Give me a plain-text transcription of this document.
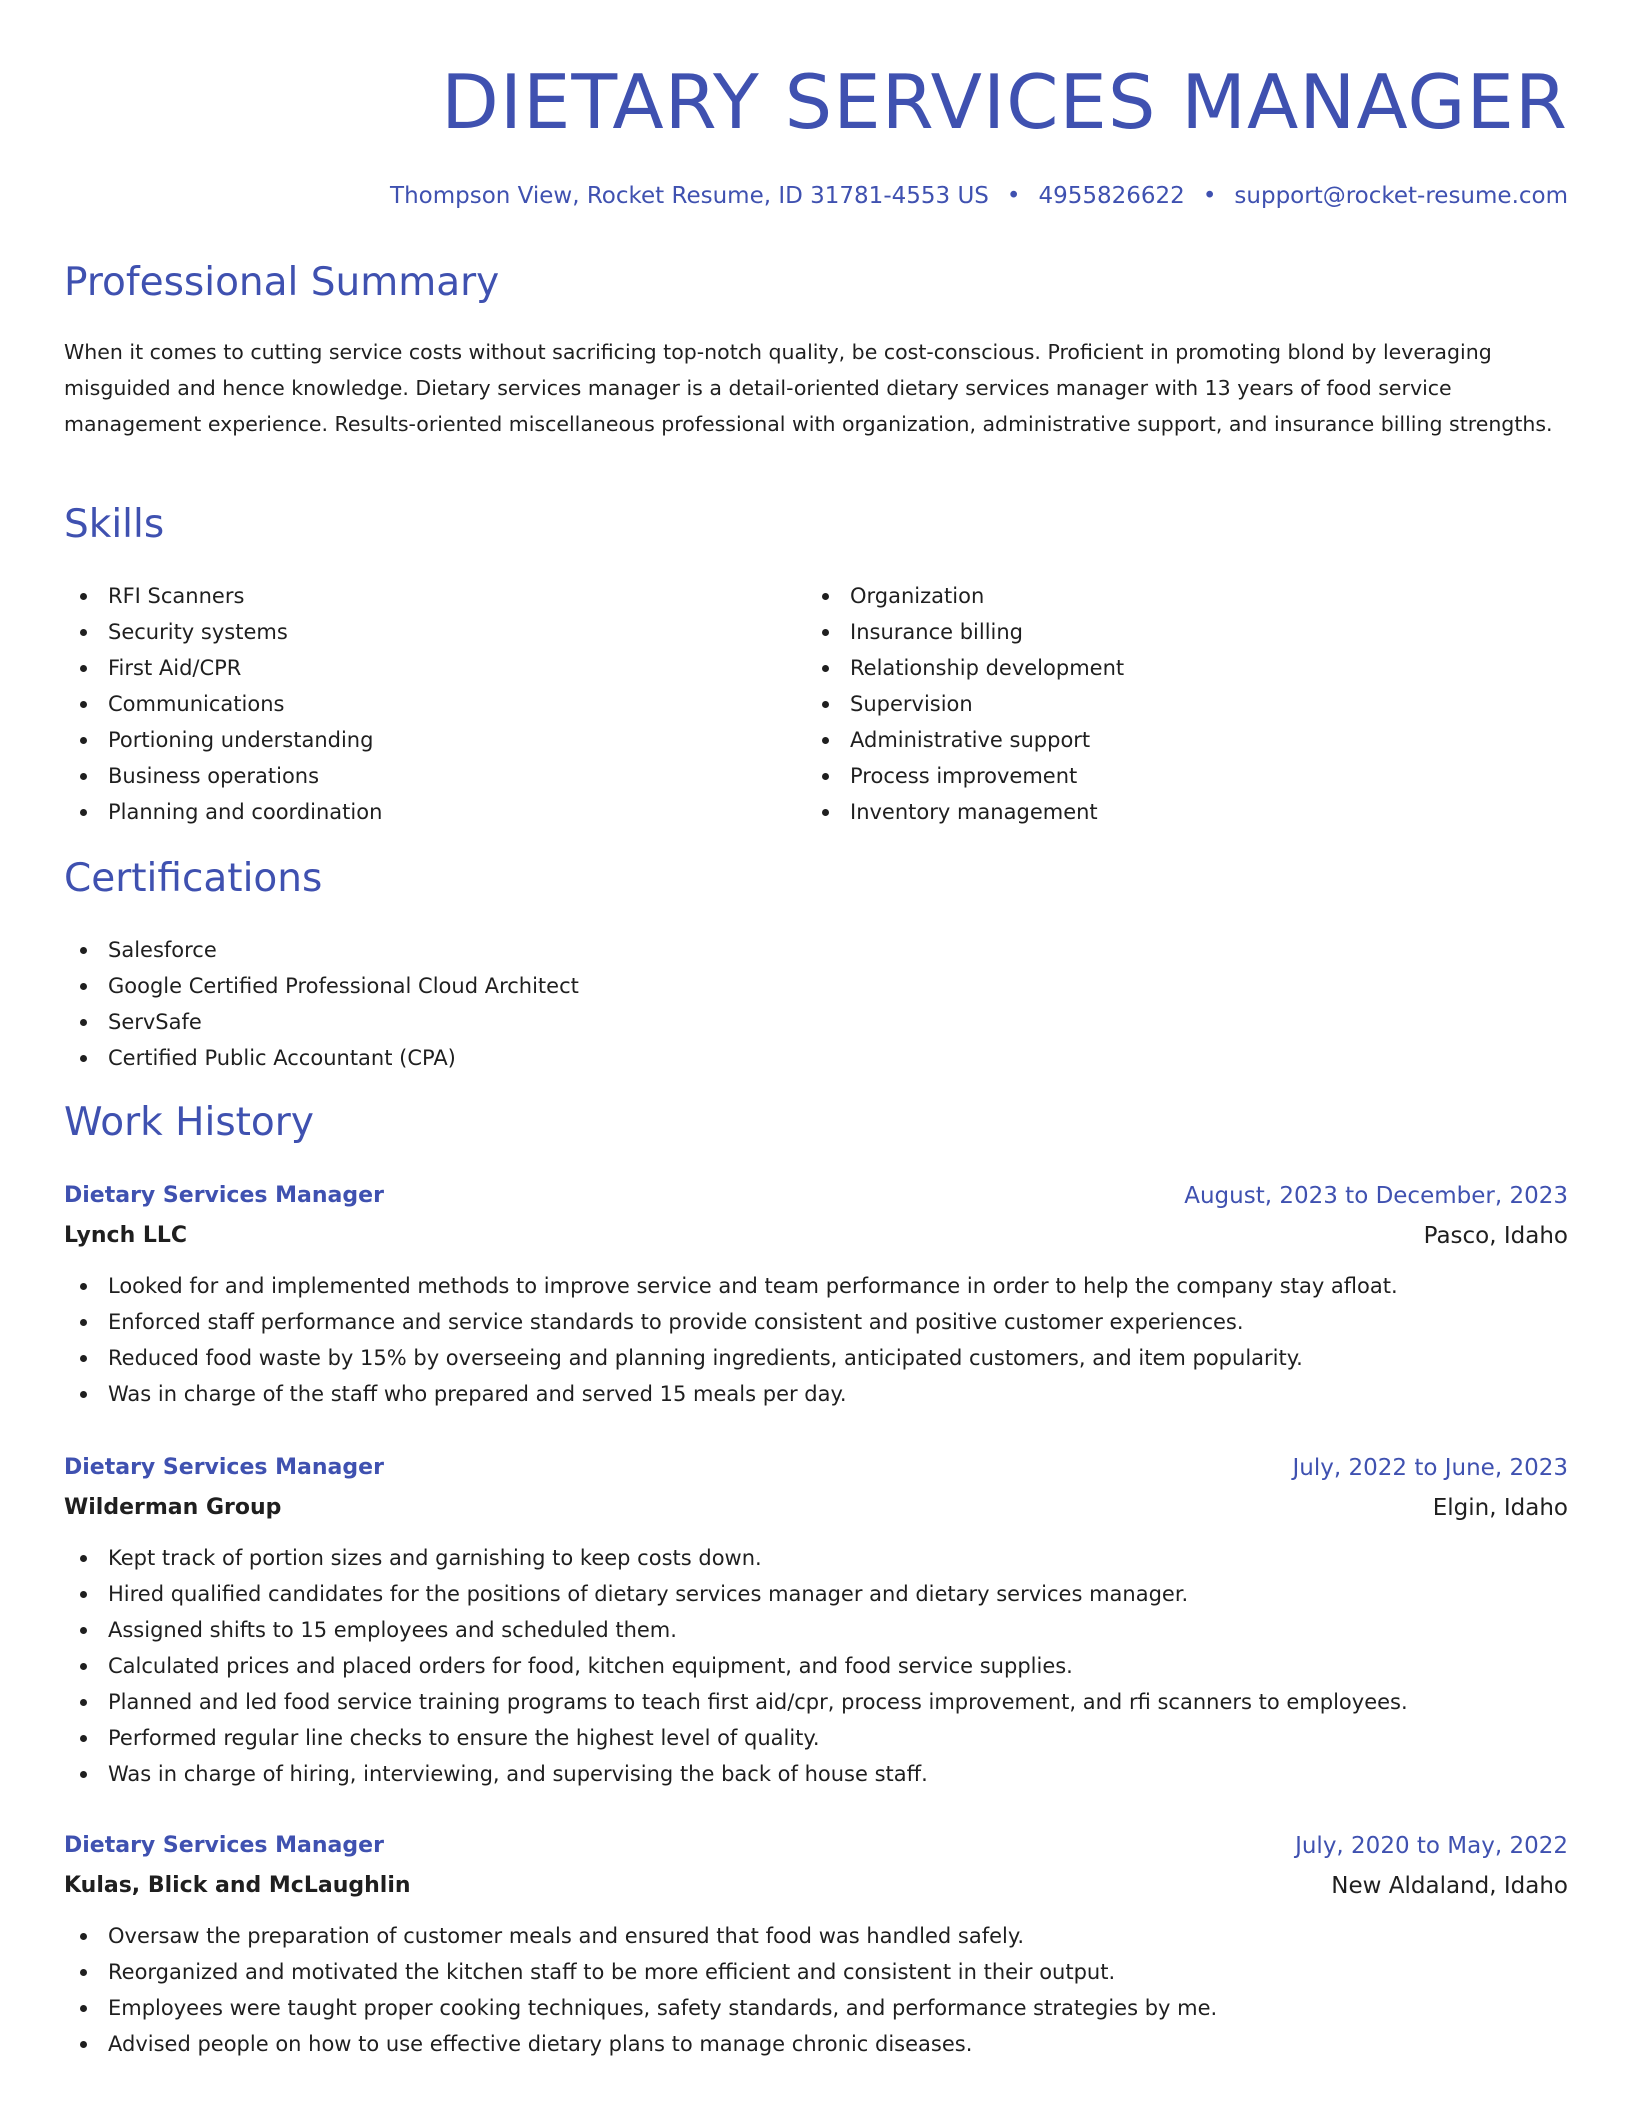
DIETARY SERVICES MANAGER
Thompson View, Rocket Resume, ID 31781-4553 US • 4955826622 • support@rocket-resume.com
Professional Summary

When it comes to cutting service costs without sacrificing top-notch quality, be cost-conscious. Proficient in promoting blond by leveraging misguided and hence knowledge. Dietary services manager is a detail-oriented dietary services manager with 13 years of food service management experience. Results-oriented miscellaneous professional with organization, administrative support, and insurance billing strengths.

Skills
RFI Scanners
Security systems
First Aid/CPR
Communications
Portioning understanding
Business operations
Planning and coordination
Organization
Insurance billing
Relationship development
Supervision
Administrative support
Process improvement
Inventory management
Certifications
Salesforce
Google Certified Professional Cloud Architect
ServSafe
Certified Public Accountant (CPA)
Work History
Dietary Services Manager	August, 2023 to December, 2023
Lynch LLC	Pasco, Idaho
Looked for and implemented methods to improve service and team performance in order to help the company stay afloat.
Enforced staff performance and service standards to provide consistent and positive customer experiences.
Reduced food waste by 15% by overseeing and planning ingredients, anticipated customers, and item popularity.
Was in charge of the staff who prepared and served 15 meals per day.
Dietary Services Manager	July, 2022 to June, 2023
Wilderman Group	Elgin, Idaho
Kept track of portion sizes and garnishing to keep costs down.
Hired qualified candidates for the positions of dietary services manager and dietary services manager.
Assigned shifts to 15 employees and scheduled them.
Calculated prices and placed orders for food, kitchen equipment, and food service supplies.
Planned and led food service training programs to teach first aid/cpr, process improvement, and rfi scanners to employees.
Performed regular line checks to ensure the highest level of quality.
Was in charge of hiring, interviewing, and supervising the back of house staff.
Dietary Services Manager	July, 2020 to May, 2022
Kulas, Blick and McLaughlin	New Aldaland, Idaho
Oversaw the preparation of customer meals and ensured that food was handled safely.
Reorganized and motivated the kitchen staff to be more efficient and consistent in their output.
Employees were taught proper cooking techniques, safety standards, and performance strategies by me.
Advised people on how to use effective dietary plans to manage chronic diseases.
